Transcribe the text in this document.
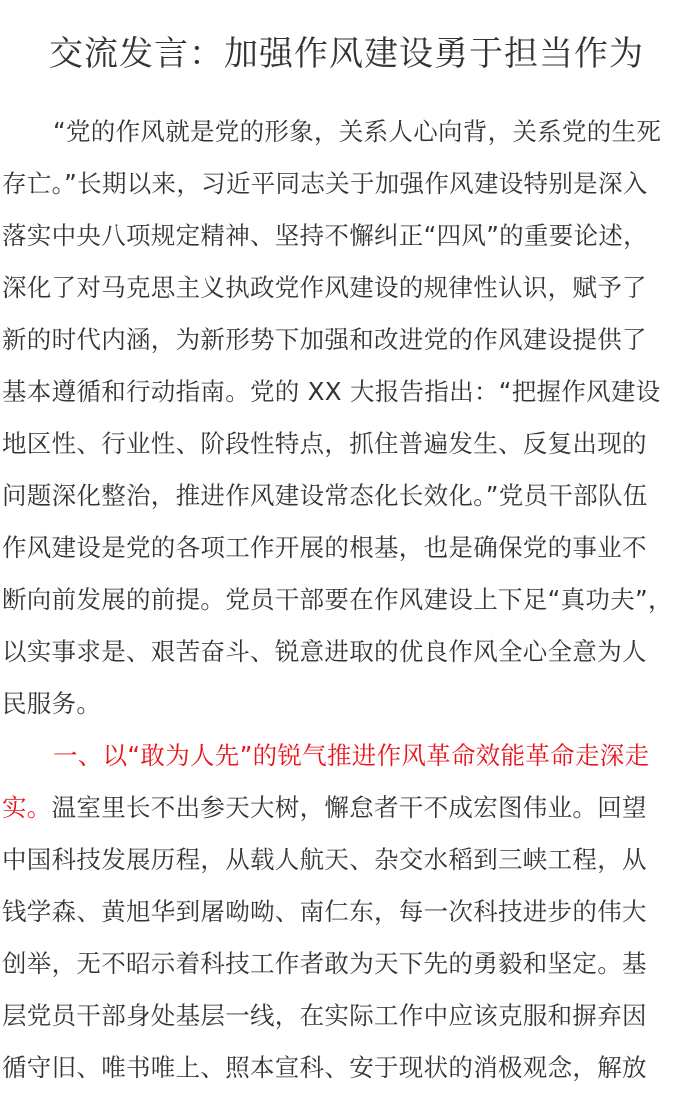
交流发言：加强作风建设勇于担当作为
“党的作风就是党的形象，关系人心向背，关系党的生死
存亡。”长期以来，习近平同志关于加强作风建设特别是深入
落实中央八项规定精神、坚持不懈纠正“四风”的重要论述，
深化了对马克思主义执政党作风建设的规律性认识，赋予了
新的时代内涵，为新形势下加强和改进党的作风建设提供了
基本遵循和行动指南。党的 XX 大报告指出：“把握作风建设
地区性、行业性、阶段性特点，抓住普遍发生、反复出现的
问题深化整治，推进作风建设常态化长效化。”党员干部队伍
作风建设是党的各项工作开展的根基，也是确保党的事业不
断向前发展的前提。党员干部要在作风建设上下足“真功夫”，
以实事求是、艰苦奋斗、锐意进取的优良作风全心全意为人
民服务。
一、以“敢为人先”的锐气推进作风革命效能革命走深走
实。温室里长不出参天大树，懈怠者干不成宏图伟业。回望
中国科技发展历程，从载人航天、杂交水稻到三峡工程，从
钱学森、黄旭华到屠呦呦、南仁东，每一次科技进步的伟大
创举，无不昭示着科技工作者敢为天下先的勇毅和坚定。基
层党员干部身处基层一线，在实际工作中应该克服和摒弃因
循守旧、唯书唯上、照本宣科、安于现状的消极观念，解放
